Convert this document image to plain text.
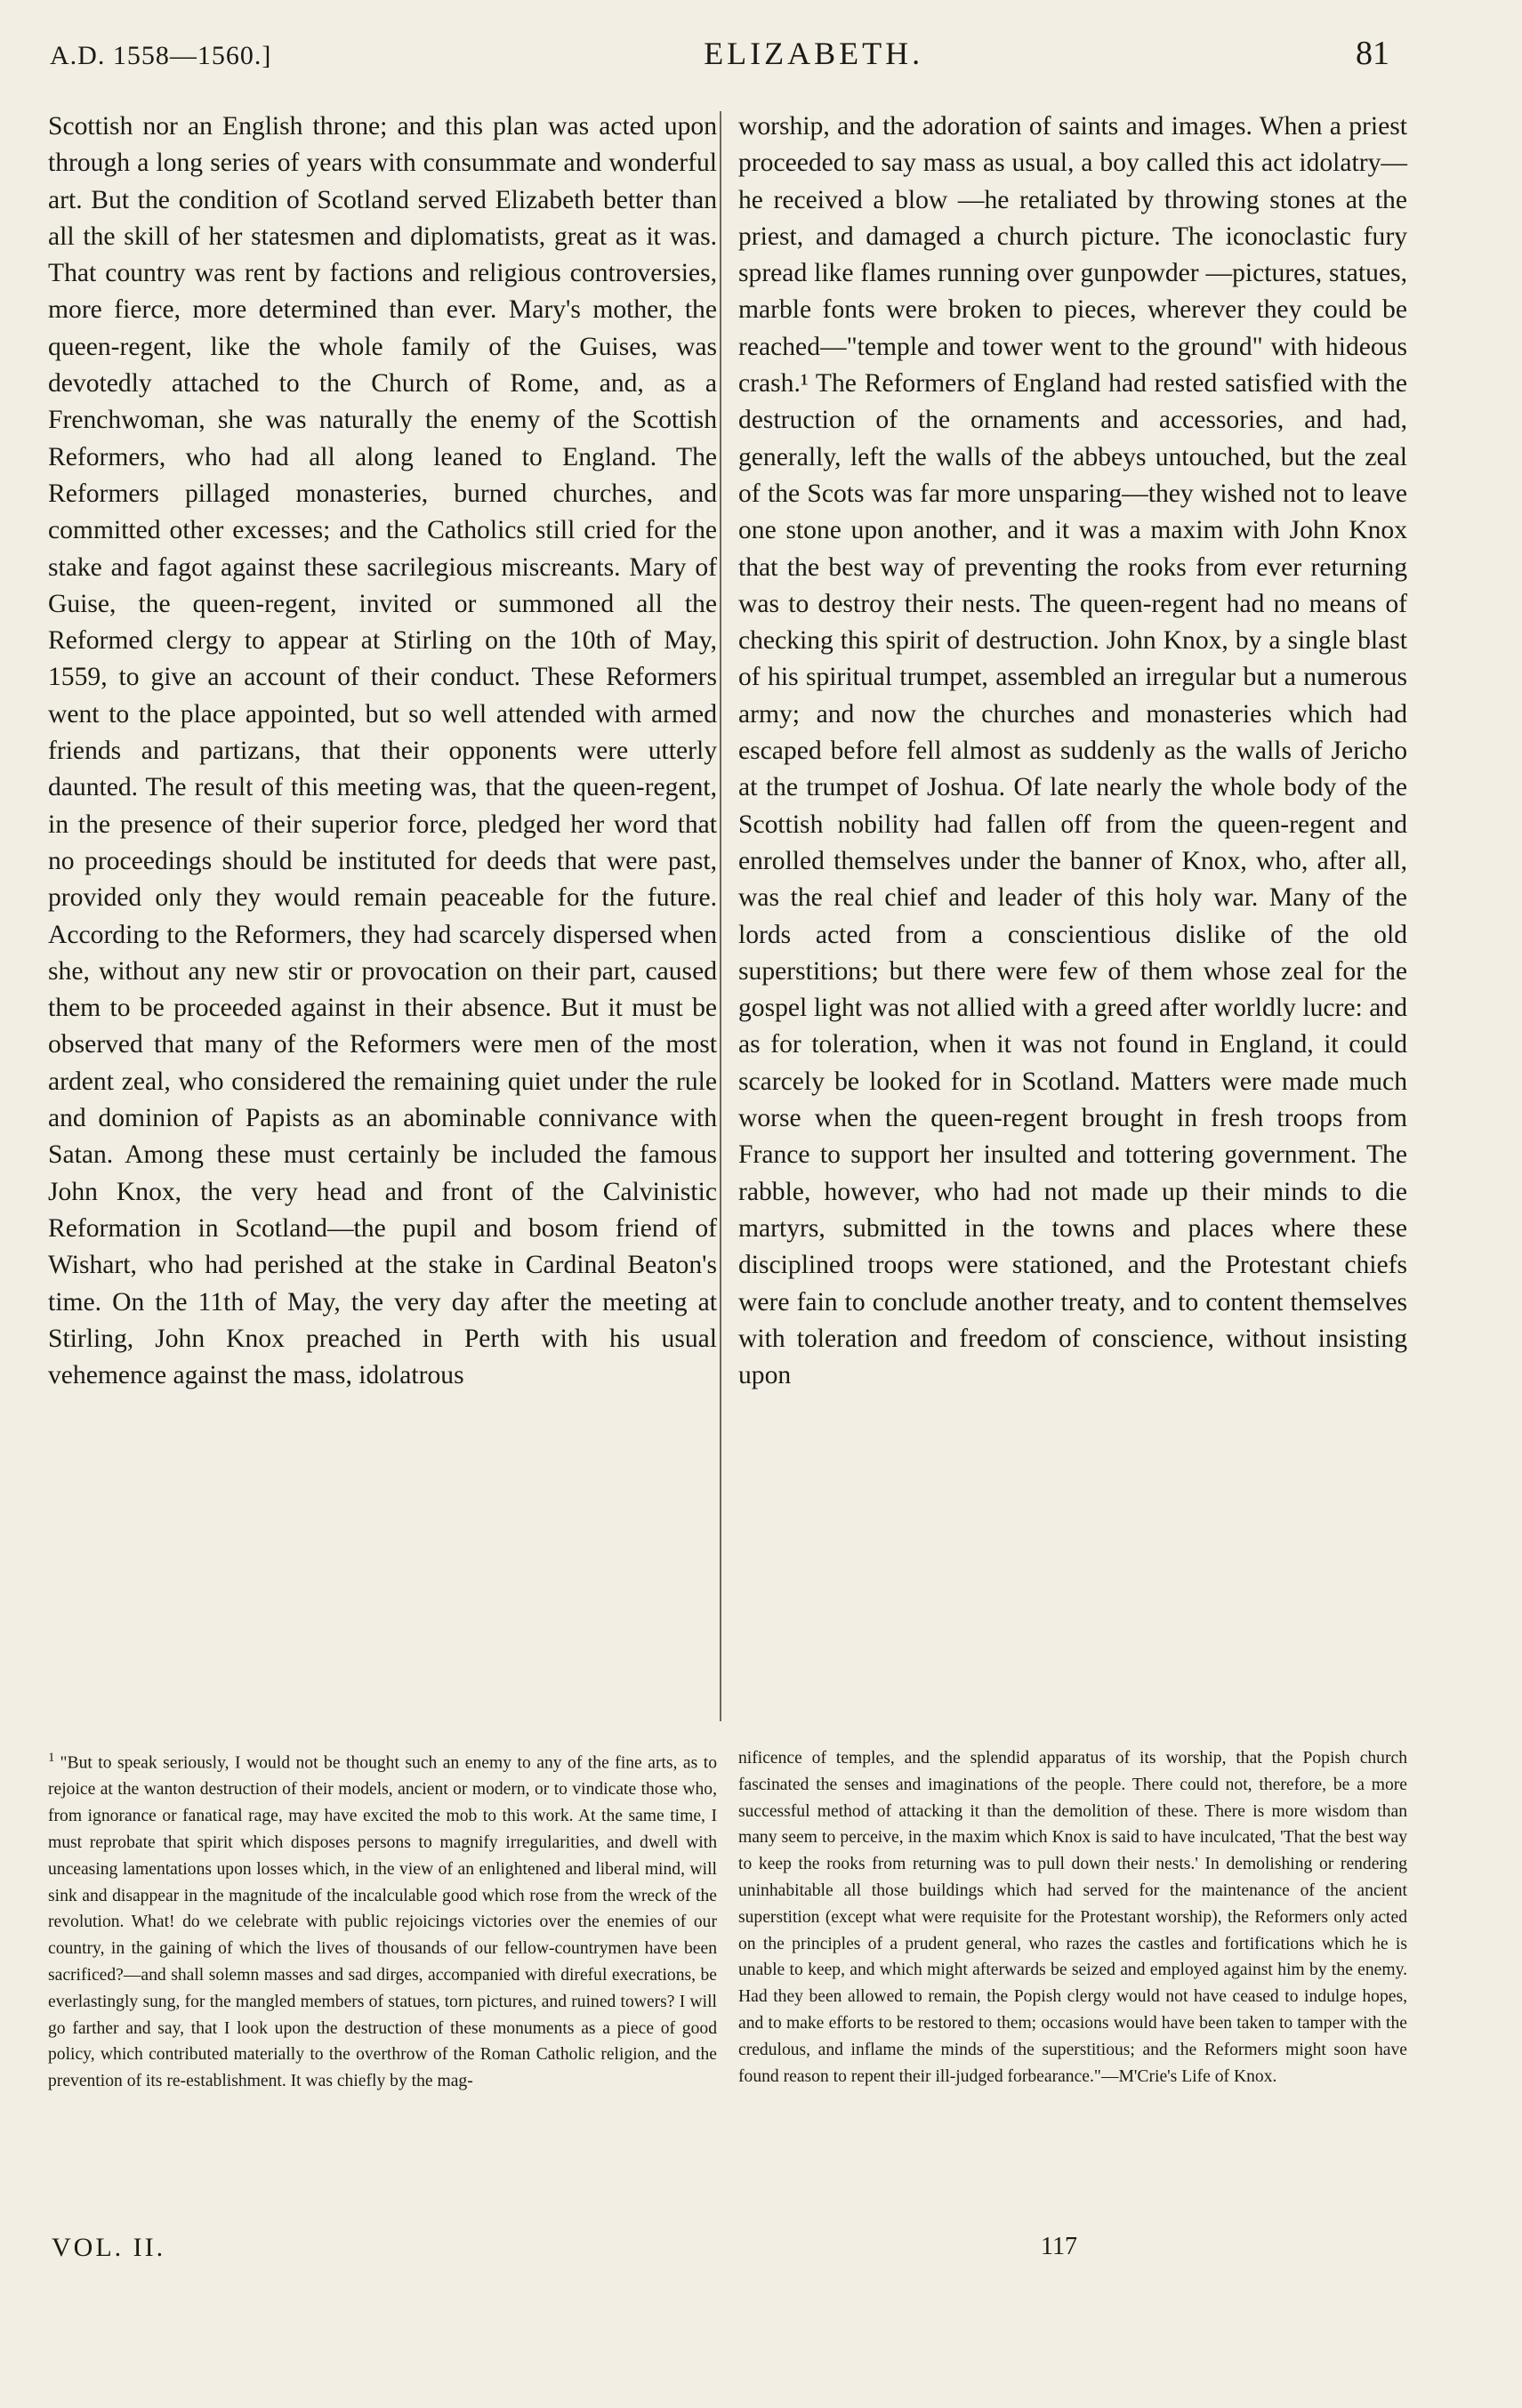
A.D. 1558—1560.]	ELIZABETH.	81
Scottish nor an English throne; and this plan was acted upon through a long series of years with consummate and wonderful art. But the condition of Scotland served Elizabeth better than all the skill of her statesmen and diplomatists, great as it was. That country was rent by factions and religious controversies, more fierce, more determined than ever. Mary's mother, the queen-regent, like the whole family of the Guises, was devotedly attached to the Church of Rome, and, as a Frenchwoman, she was naturally the enemy of the Scottish Reformers, who had all along leaned to England. The Reformers pillaged monasteries, burned churches, and committed other excesses; and the Catholics still cried for the stake and fagot against these sacrilegious miscreants. Mary of Guise, the queen-regent, invited or summoned all the Reformed clergy to appear at Stirling on the 10th of May, 1559, to give an account of their conduct. These Reformers went to the place appointed, but so well attended with armed friends and partizans, that their opponents were utterly daunted. The result of this meeting was, that the queen-regent, in the presence of their superior force, pledged her word that no proceedings should be instituted for deeds that were past, provided only they would remain peaceable for the future. According to the Reformers, they had scarcely dispersed when she, without any new stir or provocation on their part, caused them to be proceeded against in their absence. But it must be observed that many of the Reformers were men of the most ardent zeal, who considered the remaining quiet under the rule and dominion of Papists as an abominable connivance with Satan. Among these must certainly be included the famous John Knox, the very head and front of the Calvinistic Reformation in Scotland—the pupil and bosom friend of Wishart, who had perished at the stake in Cardinal Beaton's time. On the 11th of May, the very day after the meeting at Stirling, John Knox preached in Perth with his usual vehemence against the mass, idolatrous
worship, and the adoration of saints and images. When a priest proceeded to say mass as usual, a boy called this act idolatry—he received a blow —he retaliated by throwing stones at the priest, and damaged a church picture. The iconoclastic fury spread like flames running over gunpowder —pictures, statues, marble fonts were broken to pieces, wherever they could be reached—"temple and tower went to the ground" with hideous crash.¹ The Reformers of England had rested satisfied with the destruction of the ornaments and accessories, and had, generally, left the walls of the abbeys untouched, but the zeal of the Scots was far more unsparing—they wished not to leave one stone upon another, and it was a maxim with John Knox that the best way of preventing the rooks from ever returning was to destroy their nests. The queen-regent had no means of checking this spirit of destruction. John Knox, by a single blast of his spiritual trumpet, assembled an irregular but a numerous army; and now the churches and monasteries which had escaped before fell almost as suddenly as the walls of Jericho at the trumpet of Joshua. Of late nearly the whole body of the Scottish nobility had fallen off from the queen-regent and enrolled themselves under the banner of Knox, who, after all, was the real chief and leader of this holy war. Many of the lords acted from a conscientious dislike of the old superstitions; but there were few of them whose zeal for the gospel light was not allied with a greed after worldly lucre: and as for toleration, when it was not found in England, it could scarcely be looked for in Scotland. Matters were made much worse when the queen-regent brought in fresh troops from France to support her insulted and tottering government. The rabble, however, who had not made up their minds to die martyrs, submitted in the towns and places where these disciplined troops were stationed, and the Protestant chiefs were fain to conclude another treaty, and to content themselves with toleration and freedom of conscience, without insisting upon
$^1$ "But to speak seriously, I would not be thought such an enemy to any of the fine arts, as to rejoice at the wanton destruction of their models, ancient or modern, or to vindicate those who, from ignorance or fanatical rage, may have excited the mob to this work. At the same time, I must reprobate that spirit which disposes persons to magnify irregularities, and dwell with unceasing lamentations upon losses which, in the view of an enlightened and liberal mind, will sink and disappear in the magnitude of the incalculable good which rose from the wreck of the revolution. What! do we celebrate with public rejoicings victories over the enemies of our country, in the gaining of which the lives of thousands of our fellow-countrymen have been sacrificed?—and shall solemn masses and sad dirges, accompanied with direful execrations, be everlastingly sung, for the mangled members of statues, torn pictures, and ruined towers? I will go farther and say, that I look upon the destruction of these monuments as a piece of good policy, which contributed materially to the overthrow of the Roman Catholic religion, and the prevention of its re-establishment. It was chiefly by the mag-
nificence of temples, and the splendid apparatus of its worship, that the Popish church fascinated the senses and imaginations of the people. There could not, therefore, be a more successful method of attacking it than the demolition of these. There is more wisdom than many seem to perceive, in the maxim which Knox is said to have inculcated, 'That the best way to keep the rooks from returning was to pull down their nests.' In demolishing or rendering uninhabitable all those buildings which had served for the maintenance of the ancient superstition (except what were requisite for the Protestant worship), the Reformers only acted on the principles of a prudent general, who razes the castles and fortifications which he is unable to keep, and which might afterwards be seized and employed against him by the enemy. Had they been allowed to remain, the Popish clergy would not have ceased to indulge hopes, and to make efforts to be restored to them; occasions would have been taken to tamper with the credulous, and inflame the minds of the superstitious; and the Reformers might soon have found reason to repent their ill-judged forbearance."—M'Crie's Life of Knox.
VOL. II.	117
